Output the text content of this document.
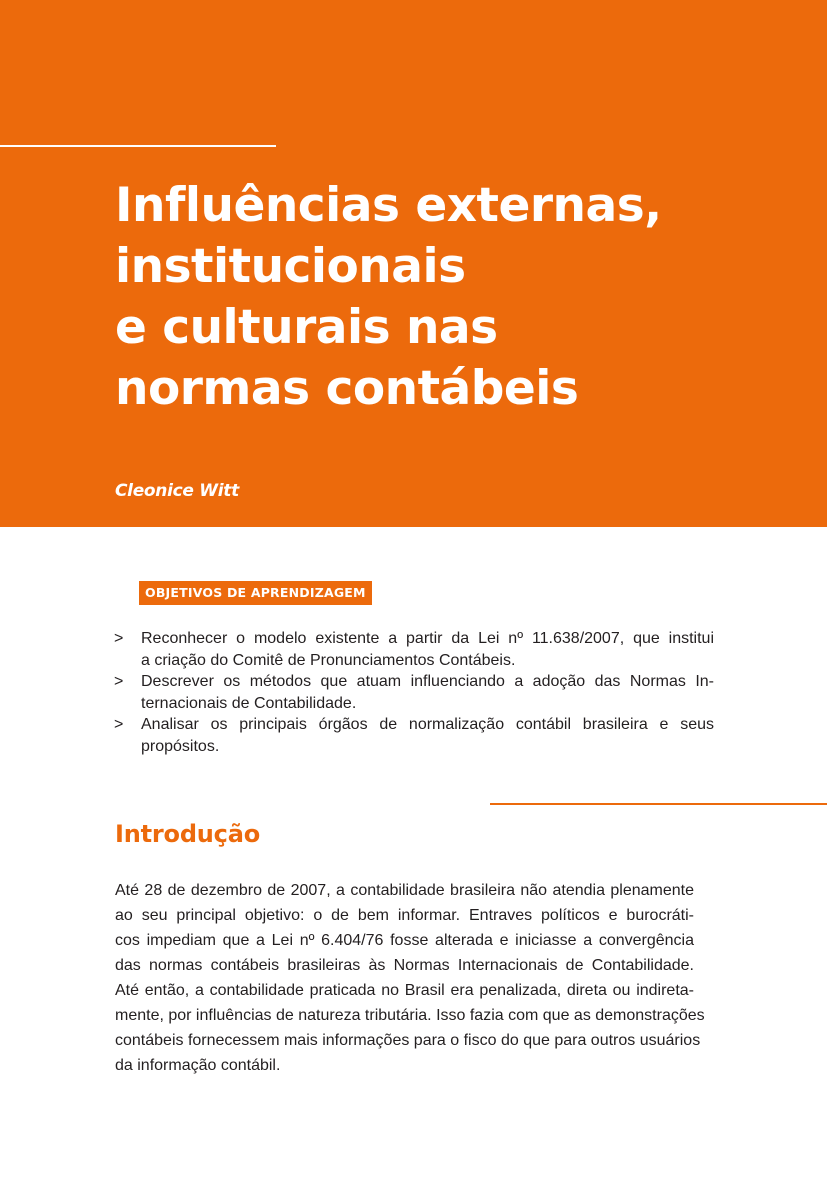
Influências externas,
institucionais
e culturais nas
normas contábeis
Cleonice Witt
OBJETIVOS DE APRENDIZAGEM
> Reconhecer o modelo existente a partir da Lei nº 11.638/2007, que institui
a criação do Comitê de Pronunciamentos Contábeis.
> Descrever os métodos que atuam influenciando a adoção das Normas In-
ternacionais de Contabilidade.
> Analisar os principais órgãos de normalização contábil brasileira e seus
propósitos.
Introdução
Até 28 de dezembro de 2007, a contabilidade brasileira não atendia plenamente
ao seu principal objetivo: o de bem informar. Entraves políticos e burocráti-
cos impediam que a Lei nº 6.404/76 fosse alterada e iniciasse a convergência
das normas contábeis brasileiras às Normas Internacionais de Contabilidade.
Até então, a contabilidade praticada no Brasil era penalizada, direta ou indireta-
mente, por influências de natureza tributária. Isso fazia com que as demonstrações
contábeis fornecessem mais informações para o fisco do que para outros usuários
da informação contábil.
